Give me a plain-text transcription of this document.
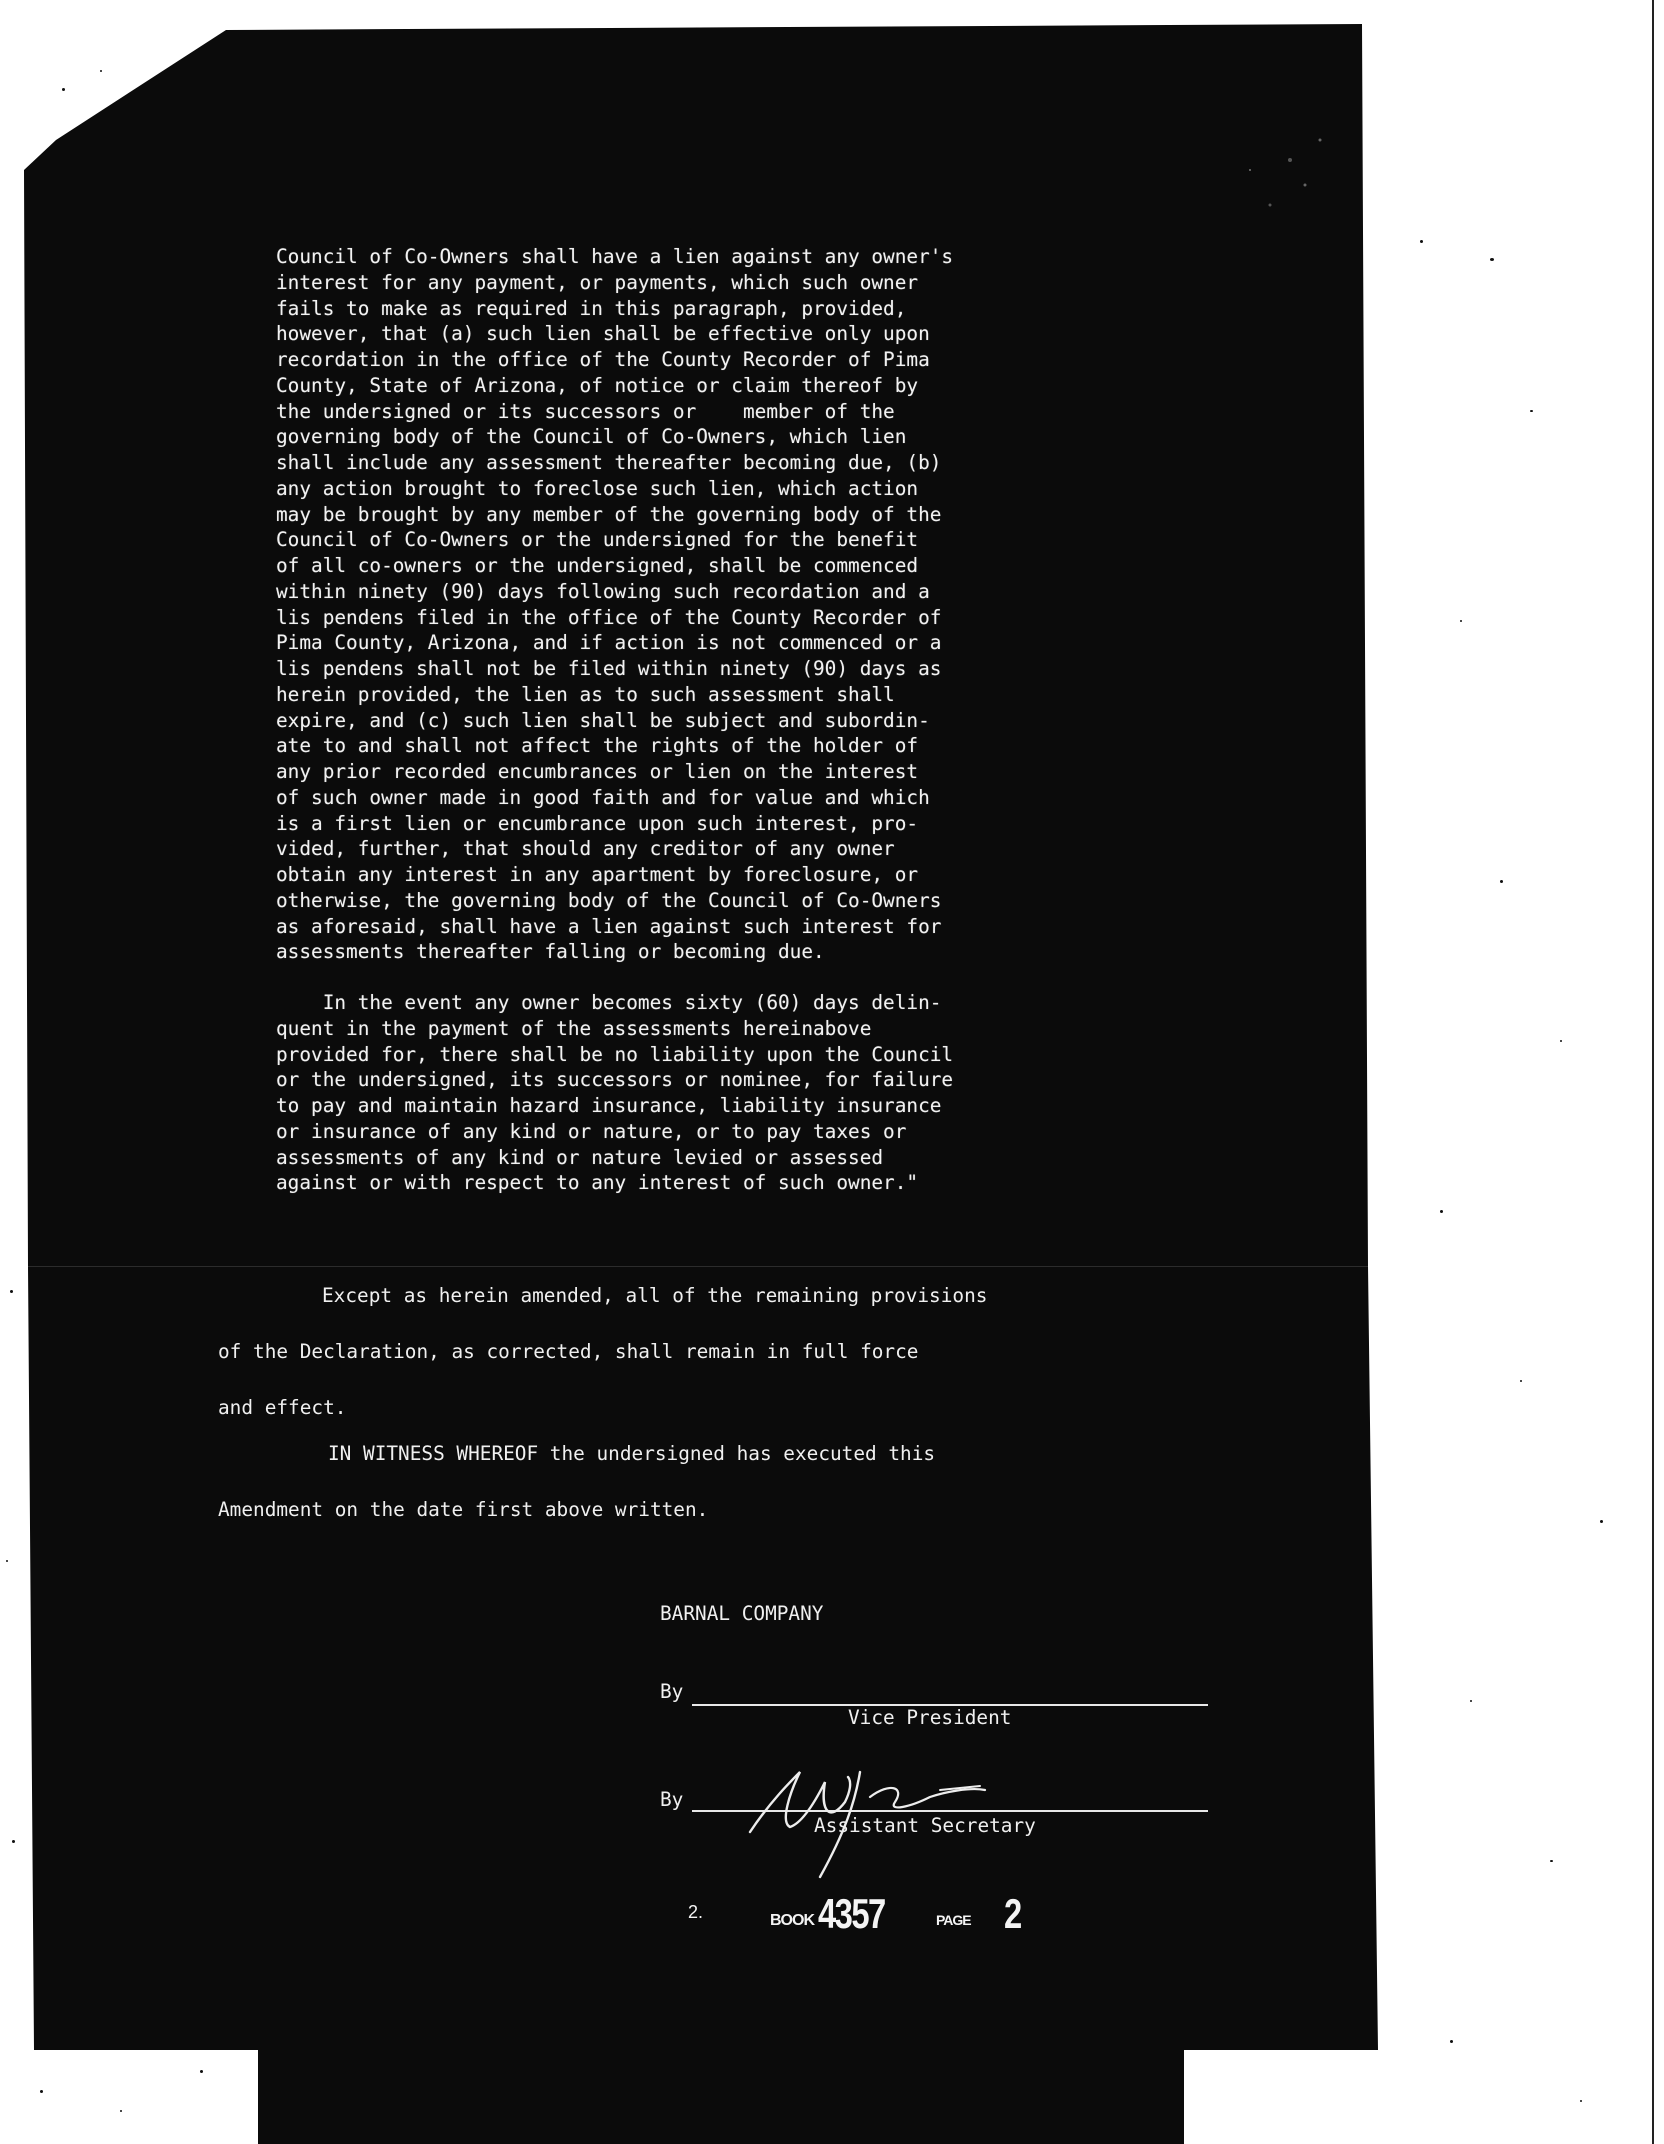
Council of Co-Owners shall have a lien against any owner's
interest for any payment, or payments, which such owner
fails to make as required in this paragraph, provided,
however, that (a) such lien shall be effective only upon
recordation in the office of the County Recorder of Pima
County, State of Arizona, of notice or claim thereof by
the undersigned or its successors or    member of the
governing body of the Council of Co-Owners, which lien
shall include any assessment thereafter becoming due, (b)
any action brought to foreclose such lien, which action
may be brought by any member of the governing body of the
Council of Co-Owners or the undersigned for the benefit
of all co-owners or the undersigned, shall be commenced
within ninety (90) days following such recordation and a
lis pendens filed in the office of the County Recorder of
Pima County, Arizona, and if action is not commenced or a
lis pendens shall not be filed within ninety (90) days as
herein provided, the lien as to such assessment shall
expire, and (c) such lien shall be subject and subordin-
ate to and shall not affect the rights of the holder of
any prior recorded encumbrances or lien on the interest
of such owner made in good faith and for value and which
is a first lien or encumbrance upon such interest, pro-
vided, further, that should any creditor of any owner
obtain any interest in any apartment by foreclosure, or
otherwise, the governing body of the Council of Co-Owners
as aforesaid, shall have a lien against such interest for
assessments thereafter falling or becoming due.
In the event any owner becomes sixty (60) days delin-
quent in the payment of the assessments hereinabove
provided for, there shall be no liability upon the Council
or the undersigned, its successors or nominee, for failure
to pay and maintain hazard insurance, liability insurance
or insurance of any kind or nature, or to pay taxes or
assessments of any kind or nature levied or assessed
against or with respect to any interest of such owner."
Except as herein amended, all of the remaining provisions
of the Declaration, as corrected, shall remain in full force
and effect.
IN WITNESS WHEREOF the undersigned has executed this
Amendment on the date first above written.
BARNAL COMPANY
By
Vice President
By
Assistant Secretary
2.	BOOK 4357	PAGE 2
